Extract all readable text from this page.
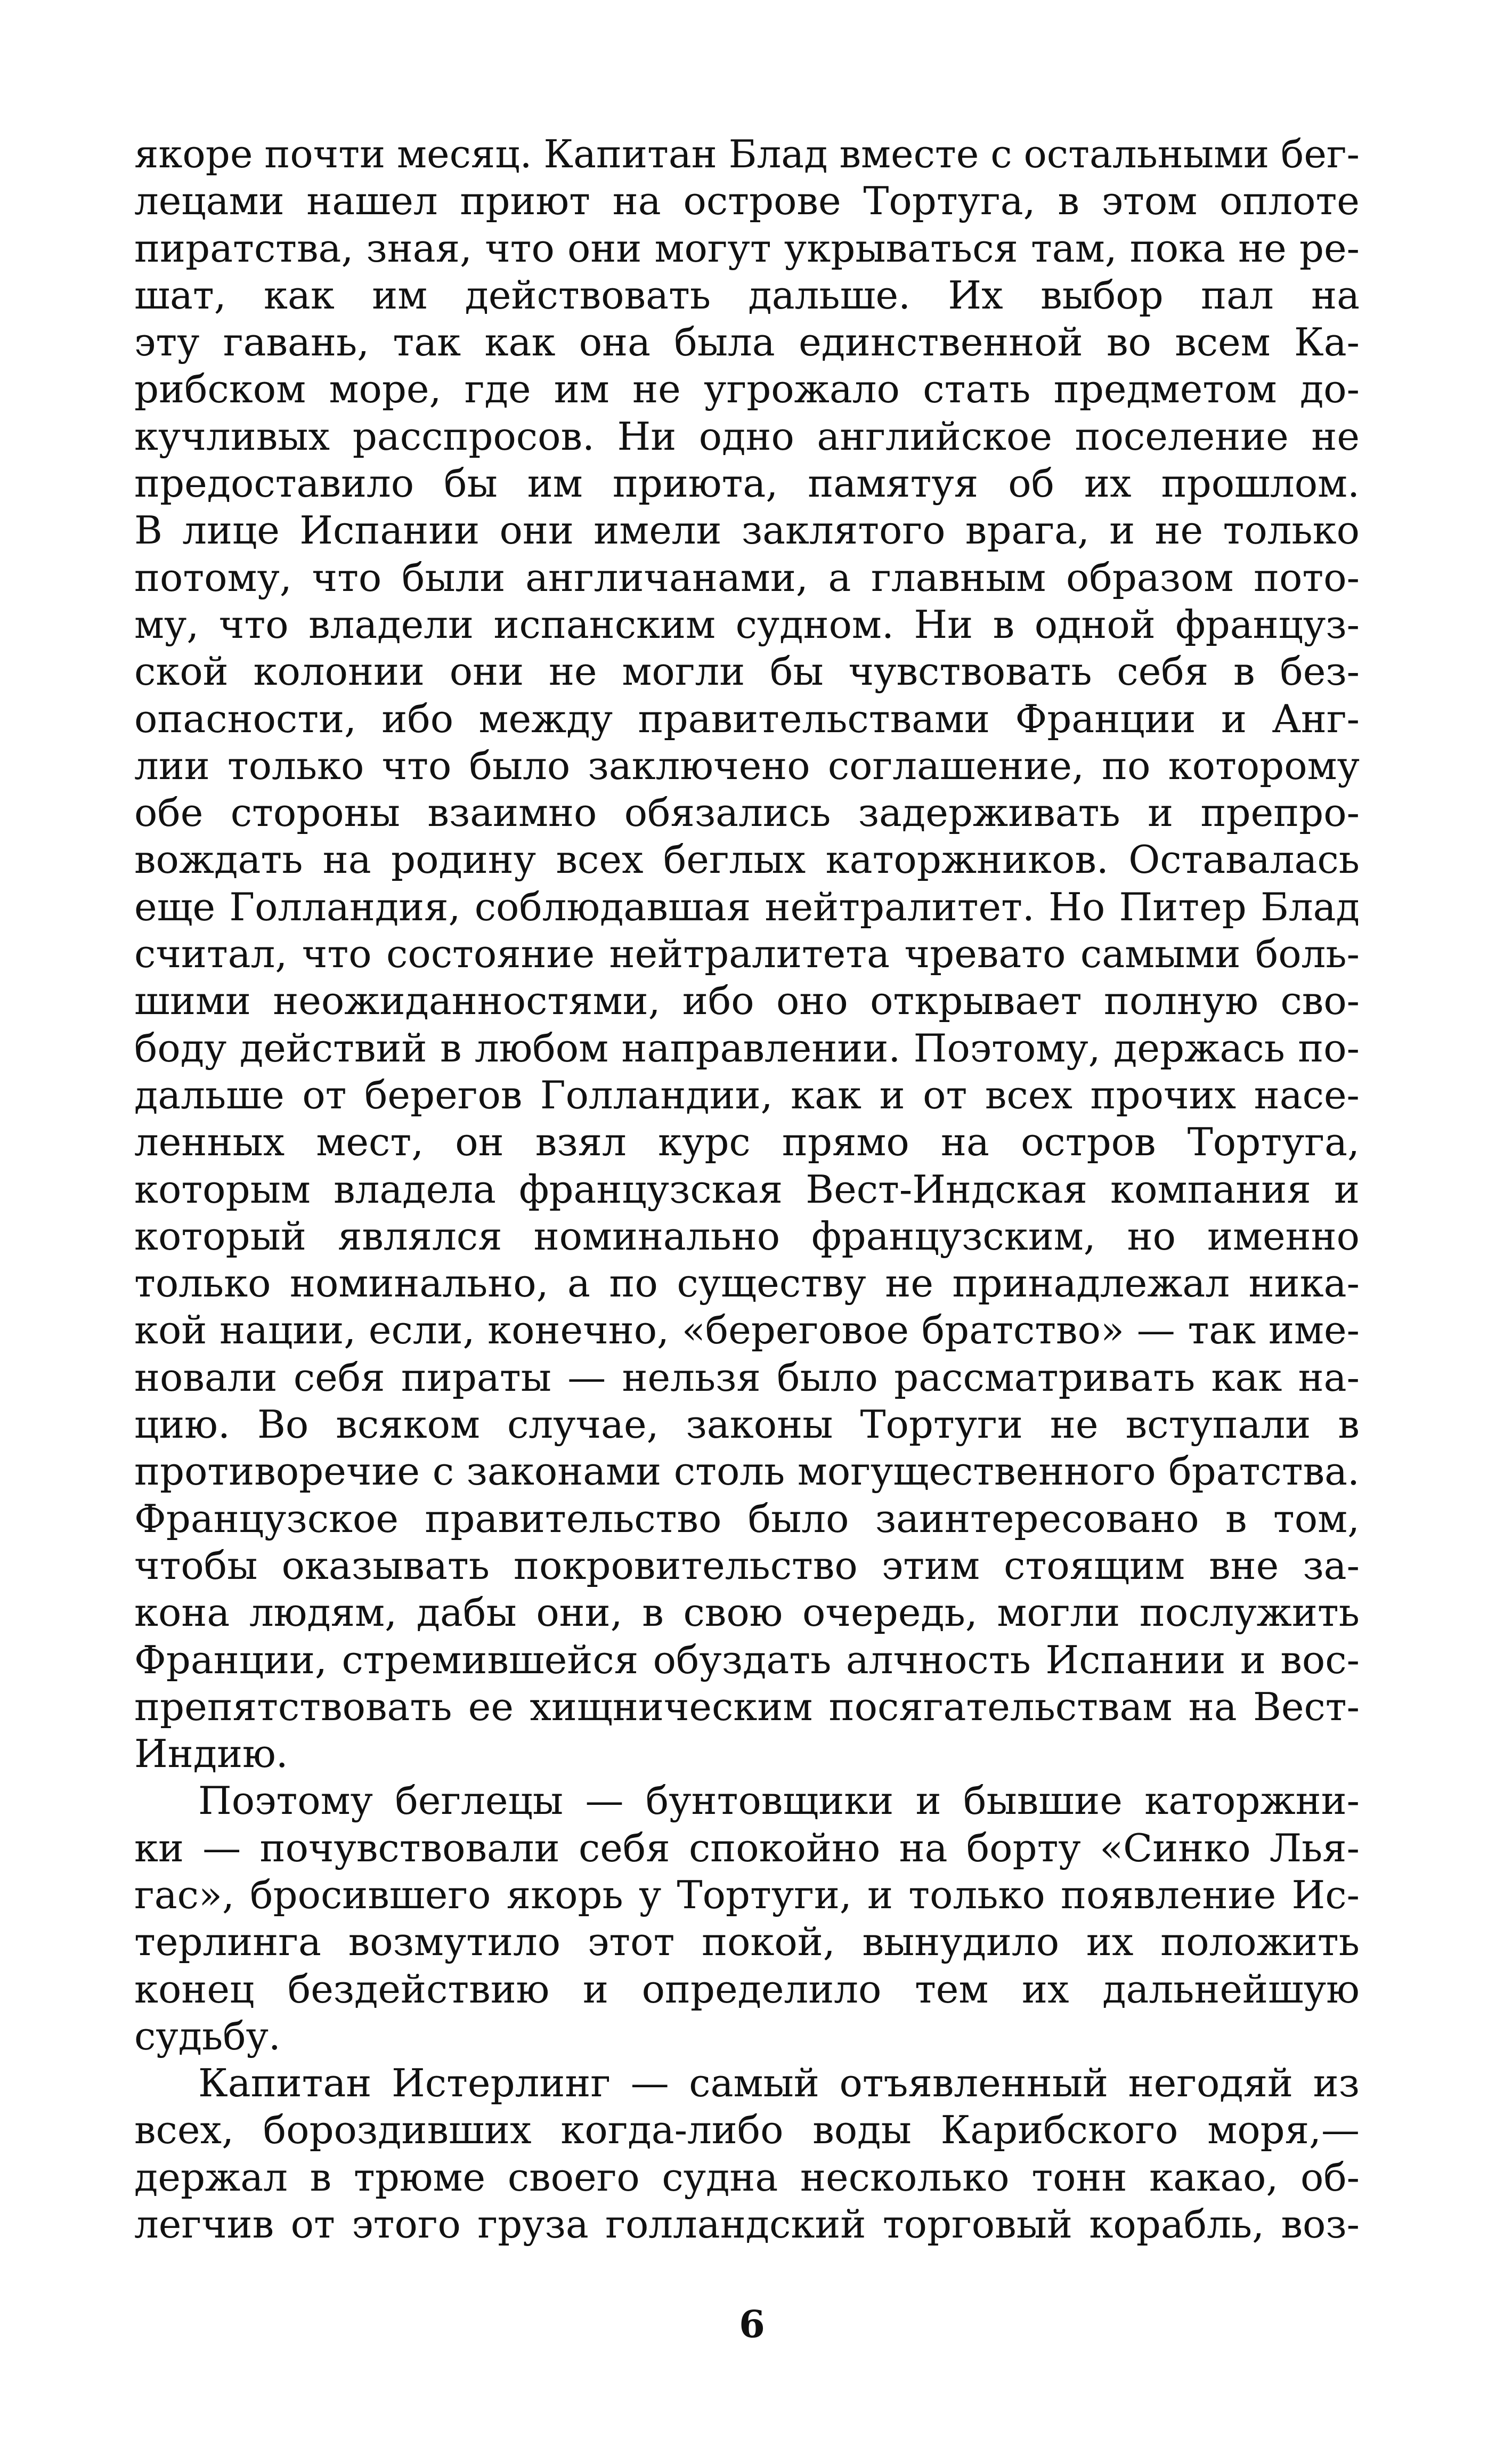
якоре почти месяц. Капитан Блад вместе с остальными бег-
лецами нашел приют на острове Тортуга, в этом оплоте
пиратства, зная, что они могут укрываться там, пока не ре-
шат, как им действовать дальше. Их выбор пал на
эту гавань, так как она была единственной во всем Ка-
рибском море, где им не угрожало стать предметом до-
кучливых расспросов. Ни одно английское поселение не
предоставило бы им приюта, памятуя об их прошлом.
В лице Испании они имели заклятого врага, и не только
потому, что были англичанами, а главным образом пото-
му, что владели испанским судном. Ни в одной француз-
ской колонии они не могли бы чувствовать себя в без-
опасности, ибо между правительствами Франции и Анг-
лии только что было заключено соглашение, по которому
обе стороны взаимно обязались задерживать и препро-
вождать на родину всех беглых каторжников. Оставалась
еще Голландия, соблюдавшая нейтралитет. Но Питер Блад
считал, что состояние нейтралитета чревато самыми боль-
шими неожиданностями, ибо оно открывает полную сво-
боду действий в любом направлении. Поэтому, держась по-
дальше от берегов Голландии, как и от всех прочих насе-
ленных мест, он взял курс прямо на остров Тортуга,
которым владела французская Вест-Индская компания и
который являлся номинально французским, но именно
только номинально, а по существу не принадлежал ника-
кой нации, если, конечно, «береговое братство» — так име-
новали себя пираты — нельзя было рассматривать как на-
цию. Во всяком случае, законы Тортуги не вступали в
противоречие с законами столь могущественного братства.
Французское правительство было заинтересовано в том,
чтобы оказывать покровительство этим стоящим вне за-
кона людям, дабы они, в свою очередь, могли послужить
Франции, стремившейся обуздать алчность Испании и вос-
препятствовать ее хищническим посягательствам на Вест-
Индию.
Поэтому беглецы — бунтовщики и бывшие каторжни-
ки — почувствовали себя спокойно на борту «Синко Лья-
гас», бросившего якорь у Тортуги, и только появление Ис-
терлинга возмутило этот покой, вынудило их положить
конец бездействию и определило тем их дальнейшую
судьбу.
Капитан Истерлинг — самый отъявленный негодяй из
всех, бороздивших когда-либо воды Карибского моря,—
держал в трюме своего судна несколько тонн какао, об-
легчив от этого груза голландский торговый корабль, воз-
6
